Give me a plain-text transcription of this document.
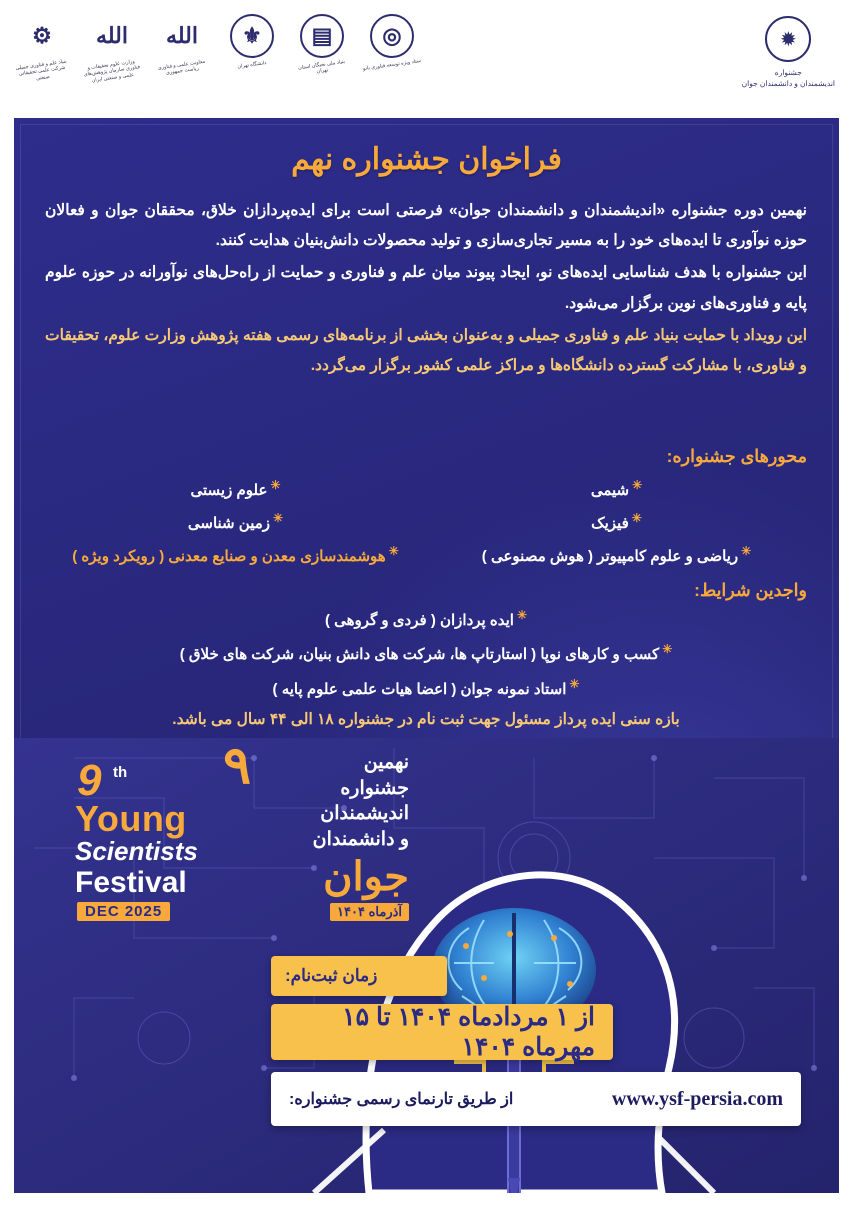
◎
ستاد ویژه توسعه فناوری نانو
▤
بنیاد ملی نخبگان استان تهران
⚜
دانشگاه تهران
الله
معاونت علمی و فناوری ریاست جمهوری
الله
وزارت علوم تحقیقات و فناوری سازمان پژوهش‌های علمی و صنعتی ایران
⚙
بنیاد علم و فناوری جمیلی شرکت علمی تحقیقاتی صنعتی
✹
جشنواره
اندیشمندان و دانشمندان جوان
فراخوان جشنواره نهم

نهمین دوره جشنواره «اندیشمندان و دانشمندان جوان» فرصتی است برای ایده‌پردازان خلاق، محققان جوان و فعالان حوزه نوآوری تا ایده‌های خود را به مسیر تجاری‌سازی و تولید محصولات دانش‌بنیان هدایت کنند.

این جشنواره با هدف شناسایی ایده‌های نو، ایجاد پیوند میان علم و فناوری و حمایت از راه‌حل‌های نوآورانه در حوزه علوم پایه و فناوری‌های نوین برگزار می‌شود.

این رویداد با حمایت بنیاد علم و فناوری جمیلی و به‌عنوان بخشی از برنامه‌های رسمی هفته پژوهش وزارت علوم، تحقیقات و فناوری، با مشارکت گسترده دانشگاه‌ها و مراکز علمی کشور برگزار می‌گردد.

محورهای جشنواره:
✳شیمی
✳فیزیک
✳ریاضی و علوم کامپیوتر ( هوش مصنوعی )
✳علوم زیستی
✳زمین شناسی
✳هوشمندسازی معدن و صنایع معدنی ( رویکرد ویژه )
واجدین شرایط:
✳ایده پردازان ( فردی و گروهی )
✳کسب و کارهای نوپا ( استارتاپ ها، شرکت های دانش بنیان، شرکت های خلاق )
✳استاد نمونه جوان ( اعضا هیات علمی علوم پایه )
بازه سنی ایده پرداز مسئول جهت ثبت نام در جشنواره ۱۸ الی ۴۴ سال می باشد.
9 th
Young
Scientists
Festival
DEC 2025
۹	نهمین
جشنواره
اندیشمندان
و دانشمندان
جوان
آذرماه ۱۴۰۴
زمان ثبت‌نام:
از ۱ مردادماه ۱۴۰۴ تا ۱۵ مهرماه ۱۴۰۴
از طریق تارنمای رسمی جشنواره:	www.ysf-persia.com
